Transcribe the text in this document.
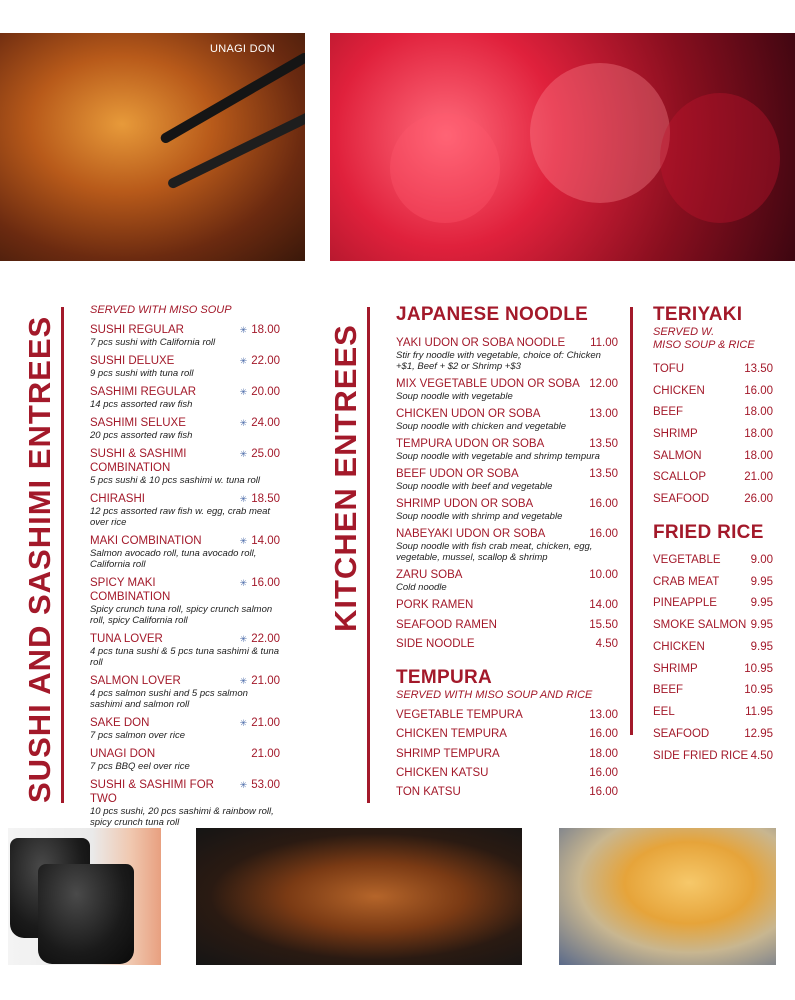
UNAGI DON
SUSHI AND SASHIMI ENTREES
SERVED WITH MISO SOUP
SUSHI REGULAR	✳ 18.00
7 pcs sushi with California roll
SUSHI DELUXE	✳ 22.00
9 pcs sushi with tuna roll
SASHIMI REGULAR	✳ 20.00
14 pcs assorted raw fish
SASHIMI SELUXE	✳ 24.00
20 pcs assorted raw fish
SUSHI & SASHIMI COMBINATION
✳ 25.00
5 pcs sushi & 10 pcs sashimi w. tuna roll
CHIRASHI	✳ 18.50
12 pcs assorted raw fish w. egg, crab meat over rice
MAKI COMBINATION	✳ 14.00
Salmon avocado roll, tuna avocado roll, California roll
SPICY MAKI COMBINATION
✳ 16.00
Spicy crunch tuna roll, spicy crunch salmon roll, spicy California roll
TUNA LOVER	✳ 22.00
4 pcs tuna sushi & 5 pcs tuna sashimi & tuna roll
SALMON LOVER	✳ 21.00
4 pcs salmon sushi and 5 pcs salmon sashimi and salmon roll
SAKE DON	✳ 21.00
7 pcs salmon over rice
UNAGI DON	21.00
7 pcs BBQ eel over rice
SUSHI & SASHIMI FOR TWO
✳ 53.00
10 pcs sushi, 20 pcs sashimi & rainbow roll, spicy crunch tuna roll
KITCHEN ENTREES
JAPANESE NOODLE
YAKI UDON OR SOBA NOODLE	11.00
Stir fry noodle with vegetable, choice of: Chicken +$1, Beef + $2 or Shrimp +$3
MIX VEGETABLE UDON OR SOBA 12.00
Soup noodle with vegetable
CHICKEN UDON OR SOBA	13.00
Soup noodle with chicken and vegetable
TEMPURA UDON OR SOBA	13.50
Soup noodle with vegetable and shrimp tempura
BEEF UDON OR SOBA	13.50
Soup noodle with beef and vegetable
SHRIMP UDON OR SOBA	16.00
Soup noodle with shrimp and vegetable
NABEYAKI UDON OR SOBA	16.00
Soup noodle with fish crab meat, chicken, egg, vegetable, mussel, scallop & shrimp
ZARU SOBA	10.00
Cold noodle
PORK RAMEN	14.00
SEAFOOD RAMEN	15.50
SIDE NOODLE	4.50
TEMPURA
SERVED WITH MISO SOUP AND RICE
VEGETABLE TEMPURA	13.00
CHICKEN TEMPURA	16.00
SHRIMP TEMPURA	18.00
CHICKEN KATSU	16.00
TON KATSU	16.00
TERIYAKI
SERVED W.
MISO SOUP & RICE
TOFU	13.50
CHICKEN	16.00
BEEF	18.00
SHRIMP	18.00
SALMON	18.00
SCALLOP	21.00
SEAFOOD	26.00
FRIED RICE
VEGETABLE	9.00
CRAB MEAT	9.95
PINEAPPLE	9.95
SMOKE SALMON 9.95
CHICKEN	9.95
SHRIMP	10.95
BEEF	10.95
EEL	11.95
SEAFOOD	12.95
SIDE FRIED RICE 4.50
